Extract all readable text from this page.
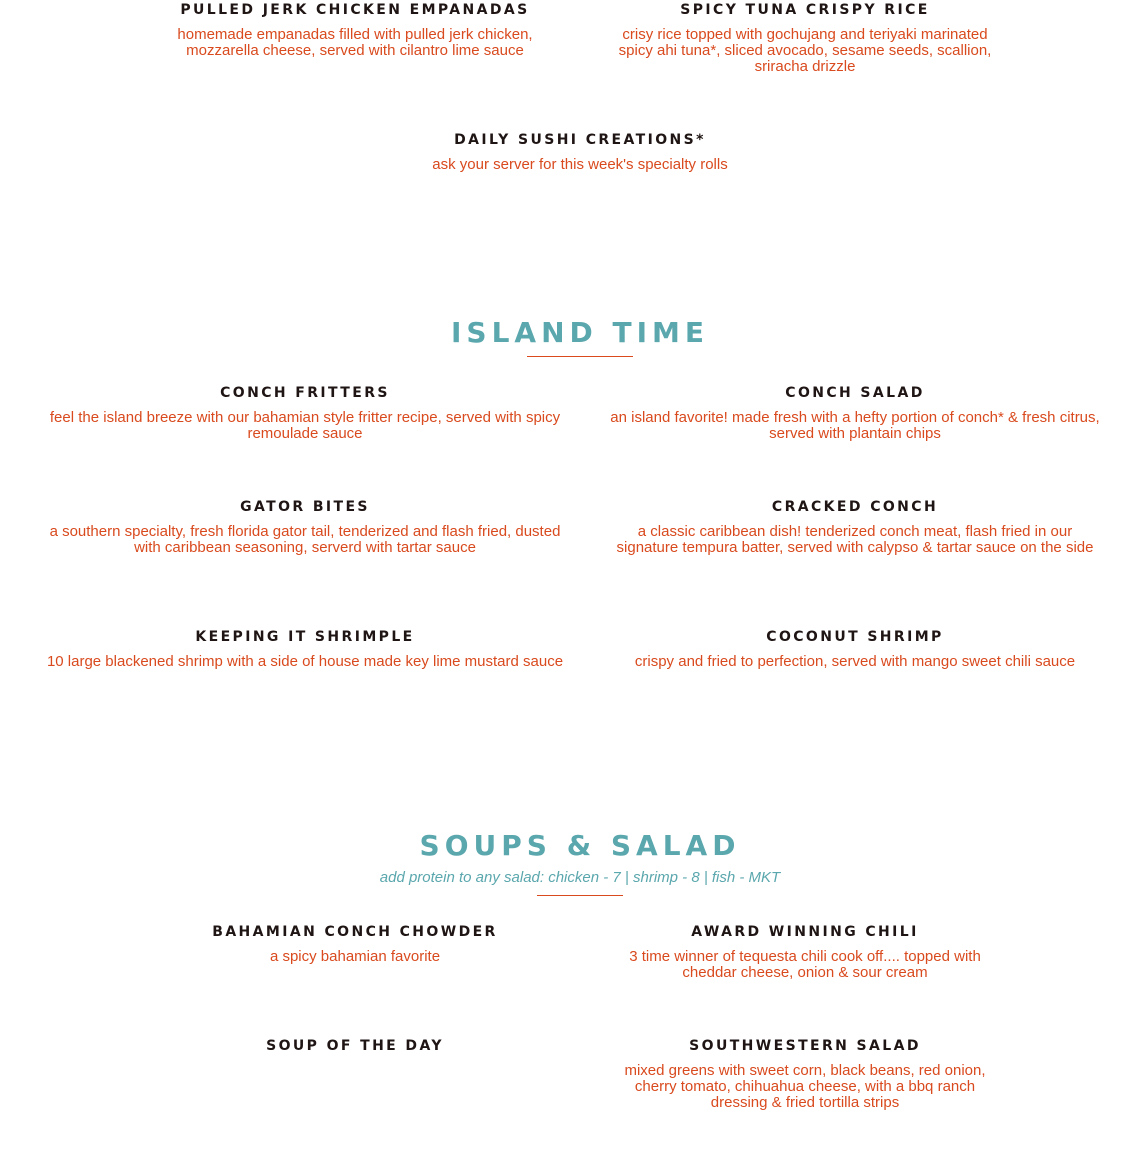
PULLED JERK CHICKEN EMPANADAS
homemade empanadas filled with pulled jerk chicken, mozzarella cheese, served with cilantro lime sauce
SPICY TUNA CRISPY RICE
crisy rice topped with gochujang and teriyaki marinated spicy ahi tuna*, sliced avocado, sesame seeds, scallion, sriracha drizzle
DAILY SUSHI CREATIONS*
ask your server for this week's specialty rolls
ISLAND TIME
CONCH FRITTERS
feel the island breeze with our bahamian style fritter recipe, served with spicy remoulade sauce
CONCH SALAD
an island favorite! made fresh with a hefty portion of conch* & fresh citrus, served with plantain chips
GATOR BITES
a southern specialty, fresh florida gator tail, tenderized and flash fried, dusted with caribbean seasoning, serverd with tartar sauce
CRACKED CONCH
a classic caribbean dish! tenderized conch meat, flash fried in our signature tempura batter, served with calypso & tartar sauce on the side
KEEPING IT SHRIMPLE
10 large blackened shrimp with a side of house made key lime mustard sauce
COCONUT SHRIMP
crispy and fried to perfection, served with mango sweet chili sauce
SOUPS & SALAD
add protein to any salad: chicken - 7 | shrimp - 8 | fish - MKT
BAHAMIAN CONCH CHOWDER
a spicy bahamian favorite
AWARD WINNING CHILI
3 time winner of tequesta chili cook off.... topped with cheddar cheese, onion & sour cream
SOUP OF THE DAY	SOUTHWESTERN SALAD
mixed greens with sweet corn, black beans, red onion, cherry tomato, chihuahua cheese, with a bbq ranch dressing & fried tortilla strips
